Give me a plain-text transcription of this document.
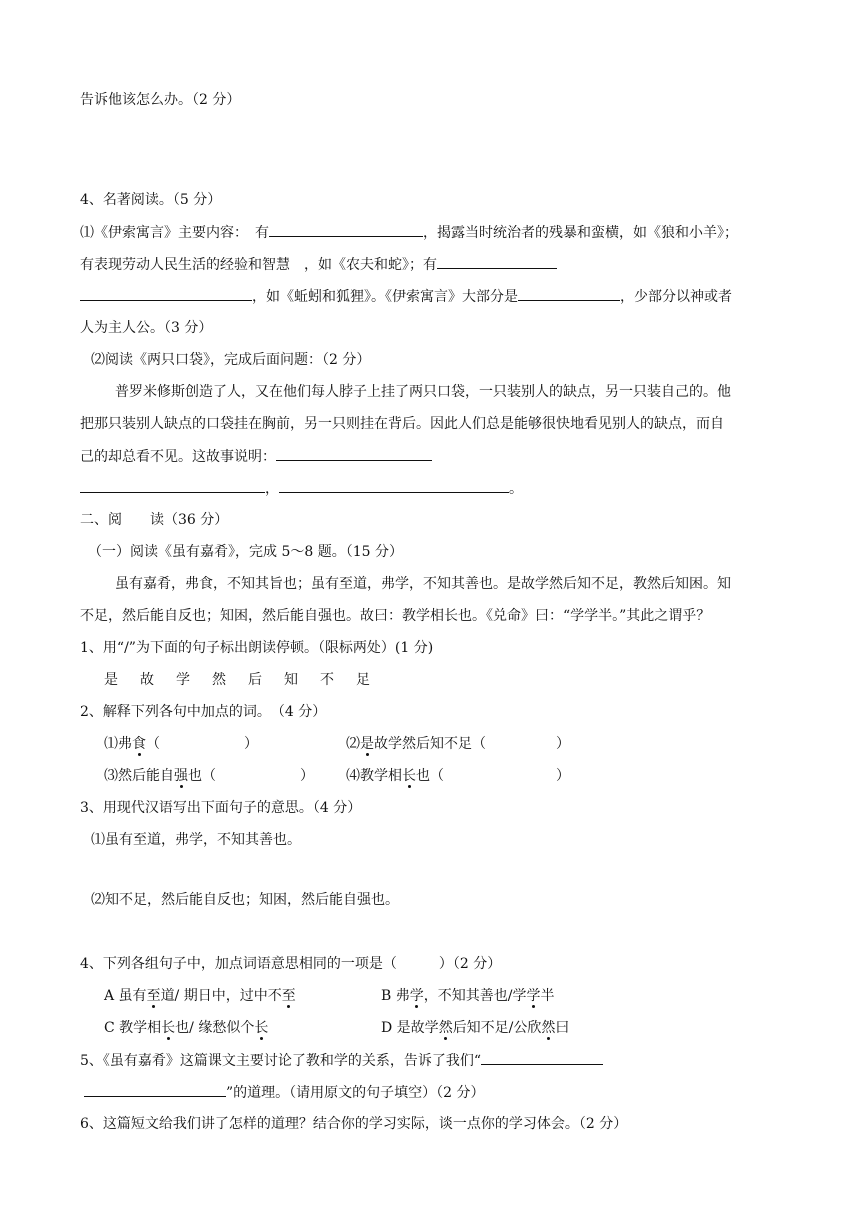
告诉他该怎么办。（2 分）
4、名著阅读。（5 分）
⑴《伊索寓言》主要内容：　有	，揭露当时统治者的残暴和蛮横，如《狼和小羊》；
有表现劳动人民生活的经验和智慧　，如《农夫和蛇》；有
，如《蚯蚓和狐狸》。《伊索寓言》大部分是	，少部分以神或者
人为主人公。（3 分）
⑵阅读《两只口袋》，完成后面问题：（2 分）
普罗米修斯创造了人，又在他们每人脖子上挂了两只口袋，一只装别人的缺点，另一只装自己的。他
把那只装别人缺点的口袋挂在胸前，另一只则挂在背后。因此人们总是能够很快地看见别人的缺点，而自
己的却总看不见。这故事说明：
，	。
二、阅　　读（36 分）
（一）阅读《虽有嘉肴》，完成 5～8 题。（15 分）
虽有嘉肴，弗食，不知其旨也；虽有至道，弗学，不知其善也。是故学然后知不足，教然后知困。知
不足，然后能自反也；知困，然后能自强也。故曰：教学相长也。《兑命》曰：“学学半。”其此之谓乎？
1、用“/”为下面的句子标出朗读停顿。（限标两处）(1 分)
是故学然后知不足
2、解释下列各句中加点的词。　（4 分）
⑴弗食（　　　　　　）	⑵是故学然后知不足（　　　　　）
⑶然后能自强也（　　　　　　） ⑷教学相长也（　　　　　　　　）
3、用现代汉语写出下面句子的意思。（4 分）
⑴虽有至道，弗学，不知其善也。
⑵知不足，然后能自反也；知困，然后能自强也。
4、下列各组句子中，加点词语意思相同的一项是（　　　）（2 分）
A 虽有至道/ 期日中，过中不至	B 弗学，不知其善也/学学半
C 教学相长也/ 缘愁似个长	D 是故学然后知不足/公欣然曰
5、《虽有嘉肴》这篇课文主要讨论了教和学的关系，告诉了我们“
”的道理。（请用原文的句子填空）（2 分）
6、这篇短文给我们讲了怎样的道理？结合你的学习实际，谈一点你的学习体会。（2 分）
